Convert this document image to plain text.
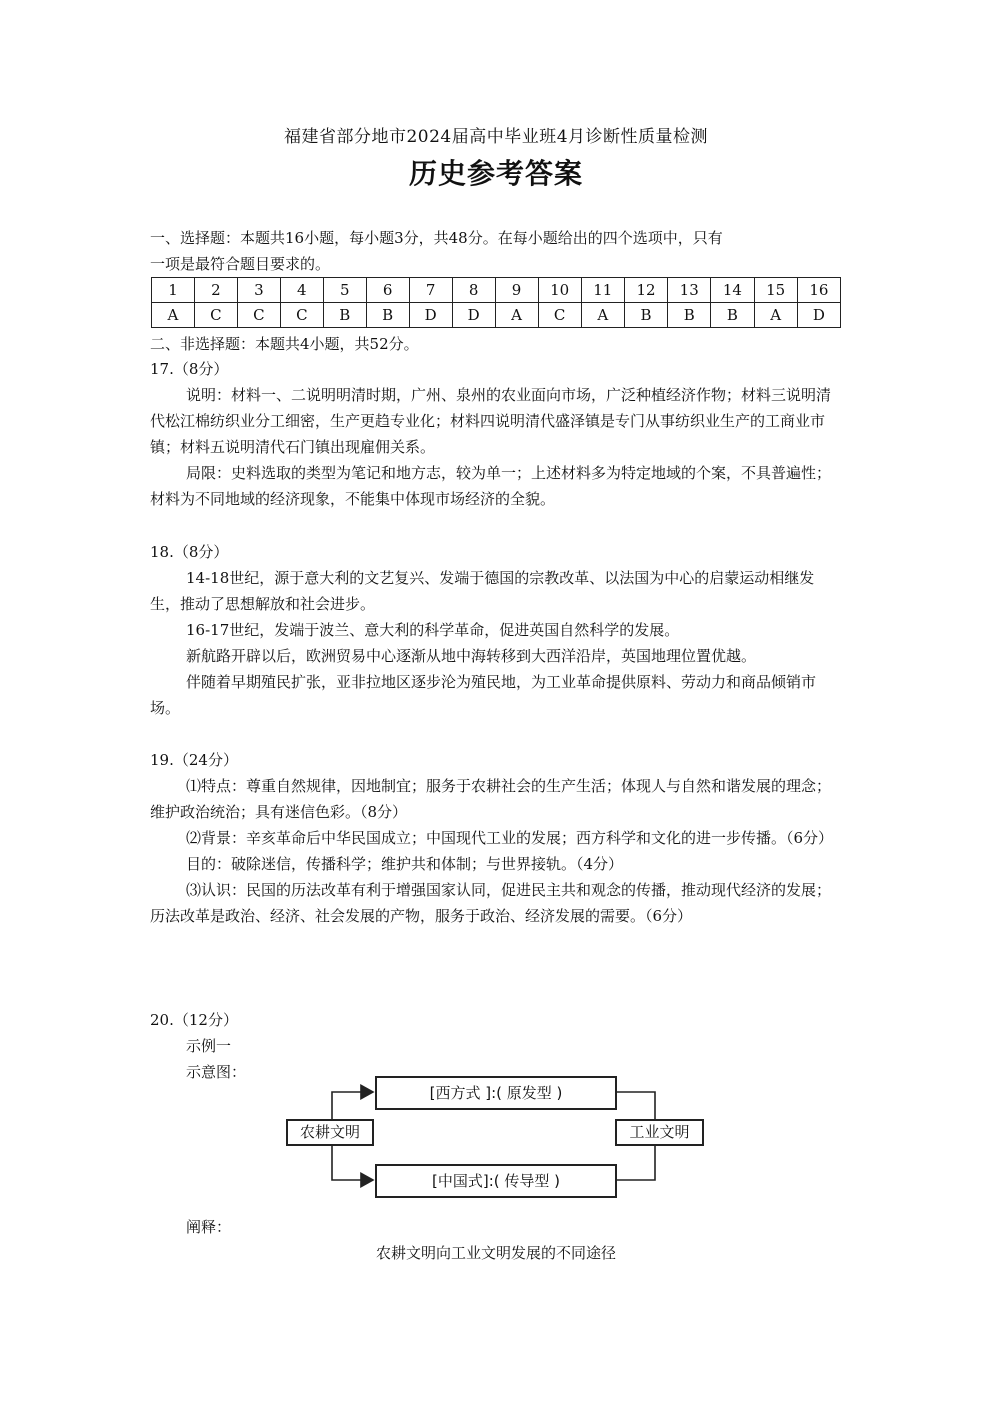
福建省部分地市2024届高中毕业班4月诊断性质量检测
历史参考答案
一、选择题：本题共16小题，每小题3分，共48分。在每小题给出的四个选项中，只有
一项是最符合题目要求的。
1	2	3	4	5	6	7	8	9	10	11	12	13	14	15	16
A	C	C	C	B	B	D	D	A	C	A	B	B	B	A	D
二、非选择题：本题共4小题，共52分。
17.（8分）

说明：材料一、二说明明清时期，广州、泉州的农业面向市场，广泛种植经济作物；材料三说明清代松江棉纺织业分工细密，生产更趋专业化；材料四说明清代盛泽镇是专门从事纺织业生产的工商业市镇；材料五说明清代石门镇出现雇佣关系。

局限：史料选取的类型为笔记和地方志，较为单一；上述材料多为特定地域的个案，不具普遍性；材料为不同地域的经济现象，不能集中体现市场经济的全貌。

18.（8分）

14-18世纪，源于意大利的文艺复兴、发端于德国的宗教改革、以法国为中心的启蒙运动相继发生，推动了思想解放和社会进步。

16-17世纪，发端于波兰、意大利的科学革命，促进英国自然科学的发展。

新航路开辟以后，欧洲贸易中心逐渐从地中海转移到大西洋沿岸，英国地理位置优越。

伴随着早期殖民扩张，亚非拉地区逐步沦为殖民地，为工业革命提供原料、劳动力和商品倾销市场。

19.（24分）

⑴特点：尊重自然规律，因地制宜；服务于农耕社会的生产生活；体现人与自然和谐发展的理念；维护政治统治；具有迷信色彩。（8分）

⑵背景：辛亥革命后中华民国成立；中国现代工业的发展；西方科学和文化的进一步传播。（6分）

目的：破除迷信，传播科学；维护共和体制；与世界接轨。（4分）

⑶认识：民国的历法改革有利于增强国家认同，促进民主共和观念的传播，推动现代经济的发展；历法改革是政治、经济、社会发展的产物，服务于政治、经济发展的需要。（6分）

20.（12分）

示例一

示意图：

农耕文明
[西方式 ]:( 原发型 )
[中国式]:( 传导型 )
工业文明

阐释：

农耕文明向工业文明发展的不同途径
